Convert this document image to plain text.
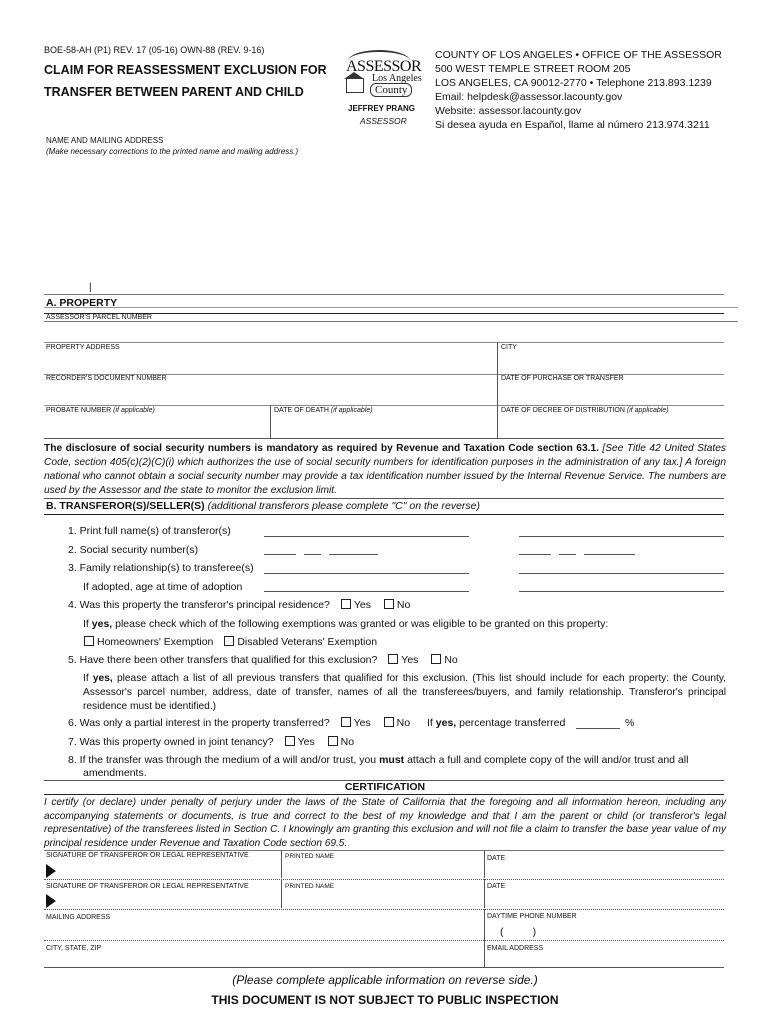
BOE-58-AH (P1) REV. 17 (05-16) OWN-88 (REV. 9-16)
CLAIM FOR REASSESSMENT EXCLUSION FOR
TRANSFER BETWEEN PARENT AND CHILD
ASSESSOR
Los Angeles
County
JEFFREY PRANG
ASSESSOR
COUNTY OF LOS ANGELES • OFFICE OF THE ASSESSOR
500 WEST TEMPLE STREET ROOM 205
LOS ANGELES, CA 90012-2770 • Telephone 213.893.1239
Email: helpdesk@assessor.lacounty.gov
Website: assessor.lacounty.gov
Si desea ayuda en Español, llame al número 213.974.3211
NAME AND MAILING ADDRESS
(Make necessary corrections to the printed name and mailing address.)
|
A. PROPERTY
ASSESSOR'S PARCEL NUMBER
PROPERTY ADDRESS	CITY
RECORDER'S DOCUMENT NUMBER	DATE OF PURCHASE OR TRANSFER
PROBATE NUMBER (if applicable)	DATE OF DEATH (if applicable)	DATE OF DECREE OF DISTRIBUTION (if applicable)
The disclosure of social security numbers is mandatory as required by Revenue and Taxation Code section 63.1. [See Title 42 United States Code, section 405(c)(2)(C)(i) which authorizes the use of social security numbers for identification purposes in the administration of any tax.] A foreign national who cannot obtain a social security number may provide a tax identification number issued by the Internal Revenue Service. The numbers are used by the Assessor and the state to monitor the exclusion limit.
B. TRANSFEROR(S)/SELLER(S) (additional transferors please complete "C" on the reverse)
1. Print full name(s) of transferor(s)
2. Social security number(s)
3. Family relationship(s) to transferee(s)
If adopted, age at time of adoption
4. Was this property the transferor's principal residence? Yes No
If yes, please check which of the following exemptions was granted or was eligible to be granted on this property:
Homeowners' Exemption Disabled Veterans' Exemption
5. Have there been other transfers that qualified for this exclusion? Yes No
If yes, please attach a list of all previous transfers that qualified for this exclusion. (This list should include for each property: the County, Assessor's parcel number, address, date of transfer, names of all the transferees/buyers, and family relationship. Transferor's principal residence must be identified.)
6. Was only a partial interest in the property transferred? Yes No If yes, percentage transferred	%
7. Was this property owned in joint tenancy? Yes No
8. If the transfer was through the medium of a will and/or trust, you must attach a full and complete copy of the will and/or trust and all
amendments.
CERTIFICATION
I certify (or declare) under penalty of perjury under the laws of the State of California that the foregoing and all information hereon, including any accompanying statements or documents, is true and correct to the best of my knowledge and that I am the parent or child (or transferor's legal representative) of the transferees listed in Section C. I knowingly am granting this exclusion and will not file a claim to transfer the base year value of my principal residence under Revenue and Taxation Code section 69.5.
SIGNATURE OF TRANSFEROR OR LEGAL REPRESENTATIVE	PRINTED NAME	DATE
SIGNATURE OF TRANSFEROR OR LEGAL REPRESENTATIVE	PRINTED NAME	DATE
MAILING ADDRESS	DAYTIME PHONE NUMBER
(          )
CITY, STATE, ZIP	EMAIL ADDRESS
(Please complete applicable information on reverse side.)
THIS DOCUMENT IS NOT SUBJECT TO PUBLIC INSPECTION
